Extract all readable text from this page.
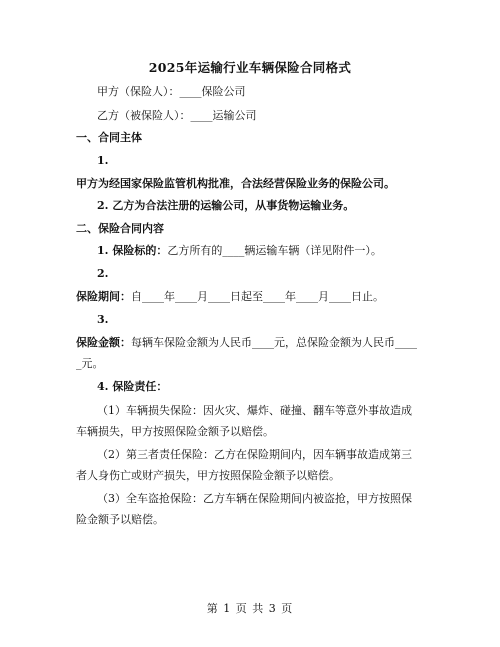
2025年运输行业车辆保险合同格式
甲方（保险人）：____保险公司
乙方（被保险人）：____运输公司
一、合同主体
1.
甲方为经国家保险监管机构批准，合法经营保险业务的保险公司。
2. 乙方为合法注册的运输公司，从事货物运输业务。
二、保险合同内容
1. 保险标的：乙方所有的____辆运输车辆（详见附件一）。
2.
保险期间：自____年____月____日起至____年____月____日止。
3.
保险金额：每辆车保险金额为人民币____元，总保险金额为人民币____
_元。
4. 保险责任：
（1）车辆损失保险：因火灾、爆炸、碰撞、翻车等意外事故造成
车辆损失，甲方按照保险金额予以赔偿。
（2）第三者责任保险：乙方在保险期间内，因车辆事故造成第三
者人身伤亡或财产损失，甲方按照保险金额予以赔偿。
（3）全车盗抢保险：乙方车辆在保险期间内被盗抢，甲方按照保
险金额予以赔偿。
第 1 页 共 3 页
